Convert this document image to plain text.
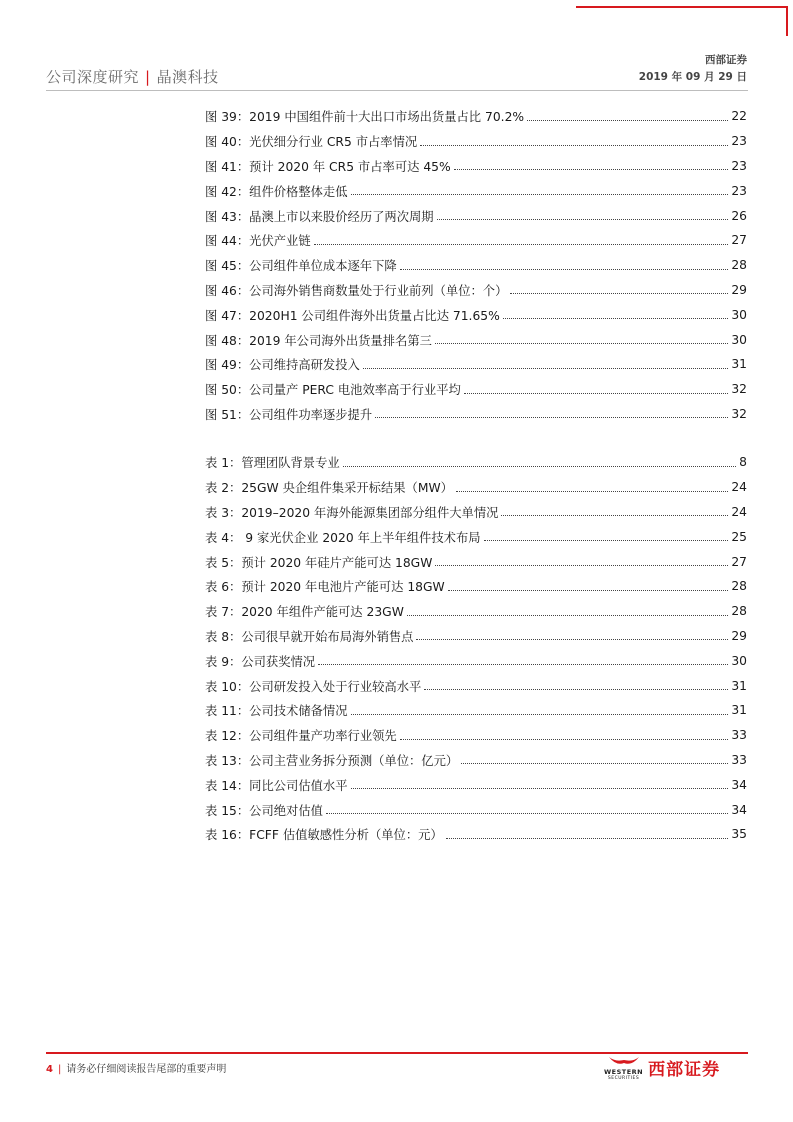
公司深度研究 | 晶澳科技
西部证券
2019 年 09 月 29 日
图 39：2019 中国组件前十大出口市场出货量占比 70.2%	22
图 40：光伏细分行业 CR5 市占率情况	23
图 41：预计 2020 年 CR5 市占率可达 45%	23
图 42：组件价格整体走低	23
图 43：晶澳上市以来股价经历了两次周期	26
图 44：光伏产业链	27
图 45：公司组件单位成本逐年下降	28
图 46：公司海外销售商数量处于行业前列（单位：个）	29
图 47：2020H1 公司组件海外出货量占比达 71.65%	30
图 48：2019 年公司海外出货量排名第三	30
图 49：公司维持高研发投入	31
图 50：公司量产 PERC 电池效率高于行业平均	32
图 51：公司组件功率逐步提升	32
表 1：管理团队背景专业	8
表 2：25GW 央企组件集采开标结果（MW）	24
表 3：2019–2020 年海外能源集团部分组件大单情况	24
表 4： 9 家光伏企业 2020 年上半年组件技术布局	25
表 5：预计 2020 年硅片产能可达 18GW	27
表 6：预计 2020 年电池片产能可达 18GW	28
表 7：2020 年组件产能可达 23GW	28
表 8：公司很早就开始布局海外销售点	29
表 9：公司获奖情况	30
表 10：公司研发投入处于行业较高水平	31
表 11：公司技术储备情况	31
表 12：公司组件量产功率行业领先	33
表 13：公司主营业务拆分预测（单位：亿元）	33
表 14：同比公司估值水平	34
表 15：公司绝对估值	34
表 16：FCFF 估值敏感性分析（单位：元）	35
4 | 请务必仔细阅读报告尾部的重要声明	WESTERN
SECURITIES 西部证券
